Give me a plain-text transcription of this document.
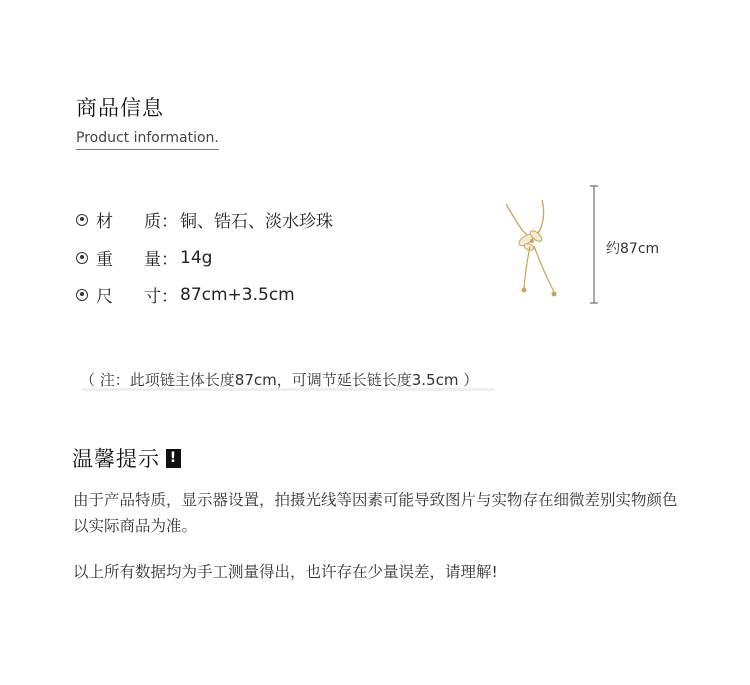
商品信息
Product information.
材 质： 铜、锆石、淡水珍珠
重 量： 14g
尺 寸： 87cm+3.5cm
约87cm
（ 注：此项链主体长度87cm，可调节延长链长度3.5cm ）
温馨提示 !
由于产品特质，显示器设置，拍摄光线等因素可能导致图片与实物存在细微差别实物颜色以实际商品为准。
以上所有数据均为手工测量得出，也许存在少量误差，请理解!
